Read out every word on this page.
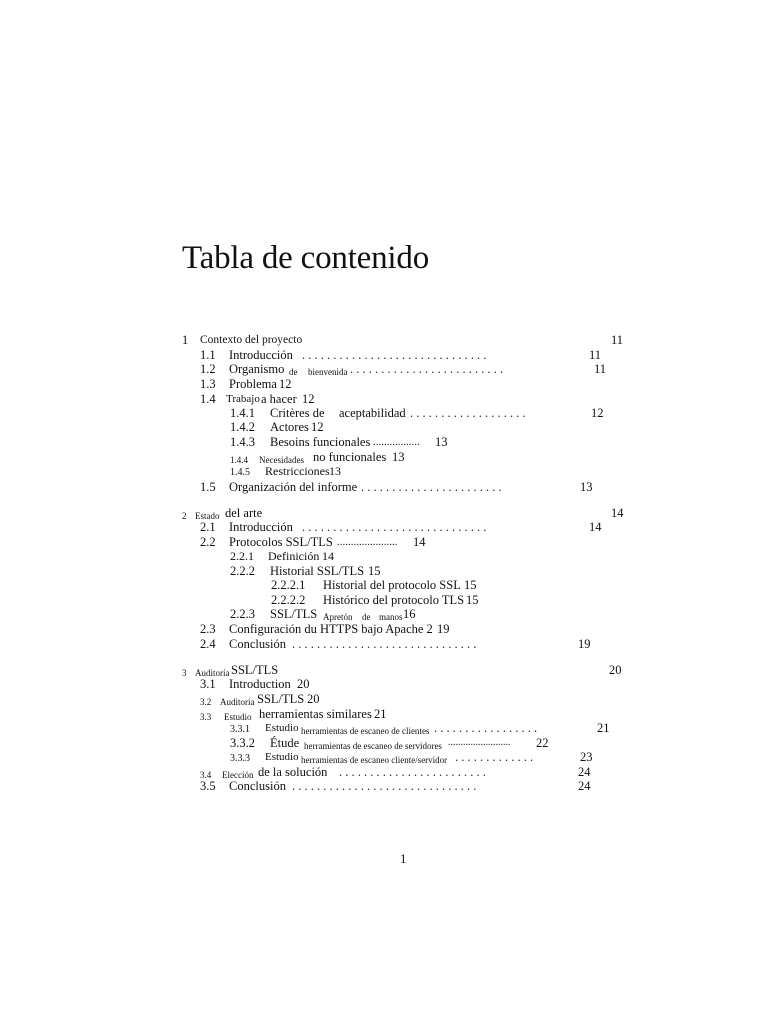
Tabla de contenido
1 Contexto del proyecto	11
1.1 Introducción . . . . . . . . . . . . . . . . . . . . . . . . . . . . . .	11
1.2 Organismo de bienvenida . . . . . . . . . . . . . . . . . . . . . . . . .	11
1.3 Problema 12
1.4 Trabajo a hacer 12
1.4.1 Critères de aceptabilidad . . . . . . . . . . . . . . . . . . .	12
1.4.2 Actores 12
1.4.3 Besoins funcionales ................. 13
1.4.4 Necesidades no funcionales 13
1.4.5 Restricciones 13
1.5 Organización del informe . . . . . . . . . . . . . . . . . . . . . . .	13
2 Estado del arte	14
2.1 Introducción . . . . . . . . . . . . . . . . . . . . . . . . . . . . . .	14
2.2 Protocolos SSL/TLS ...................... 14
2.2.1 Definición 14
2.2.2 Historial SSL/TLS 15
2.2.2.1 Historial del protocolo SSL 15
2.2.2.2 Histórico del protocolo TLS 15
2.2.3 SSL/TLS Apretón de manos 16
2.3 Configuración du HTTPS bajo Apache 2 19
2.4 Conclusión . . . . . . . . . . . . . . . . . . . . . . . . . . . . . .	19
3 Auditoría SSL/TLS	20
3.1 Introduction 20
3.2 Auditoría SSL/TLS 20
3.3 Estudio herramientas similares 21
3.3.1 Estudio herramientas de escaneo de clientes . . . . . . . . . . . . . . . . .	21
3.3.2 Étude herramientas de escaneo de servidores ......................... 22
3.3.3 Estudio herramientas de escaneo cliente/servidor . . . . . . . . . . . . .	23
3.4 Elección de la solución . . . . . . . . . . . . . . . . . . . . . . . .	24
3.5 Conclusión . . . . . . . . . . . . . . . . . . . . . . . . . . . . . .	24
1
